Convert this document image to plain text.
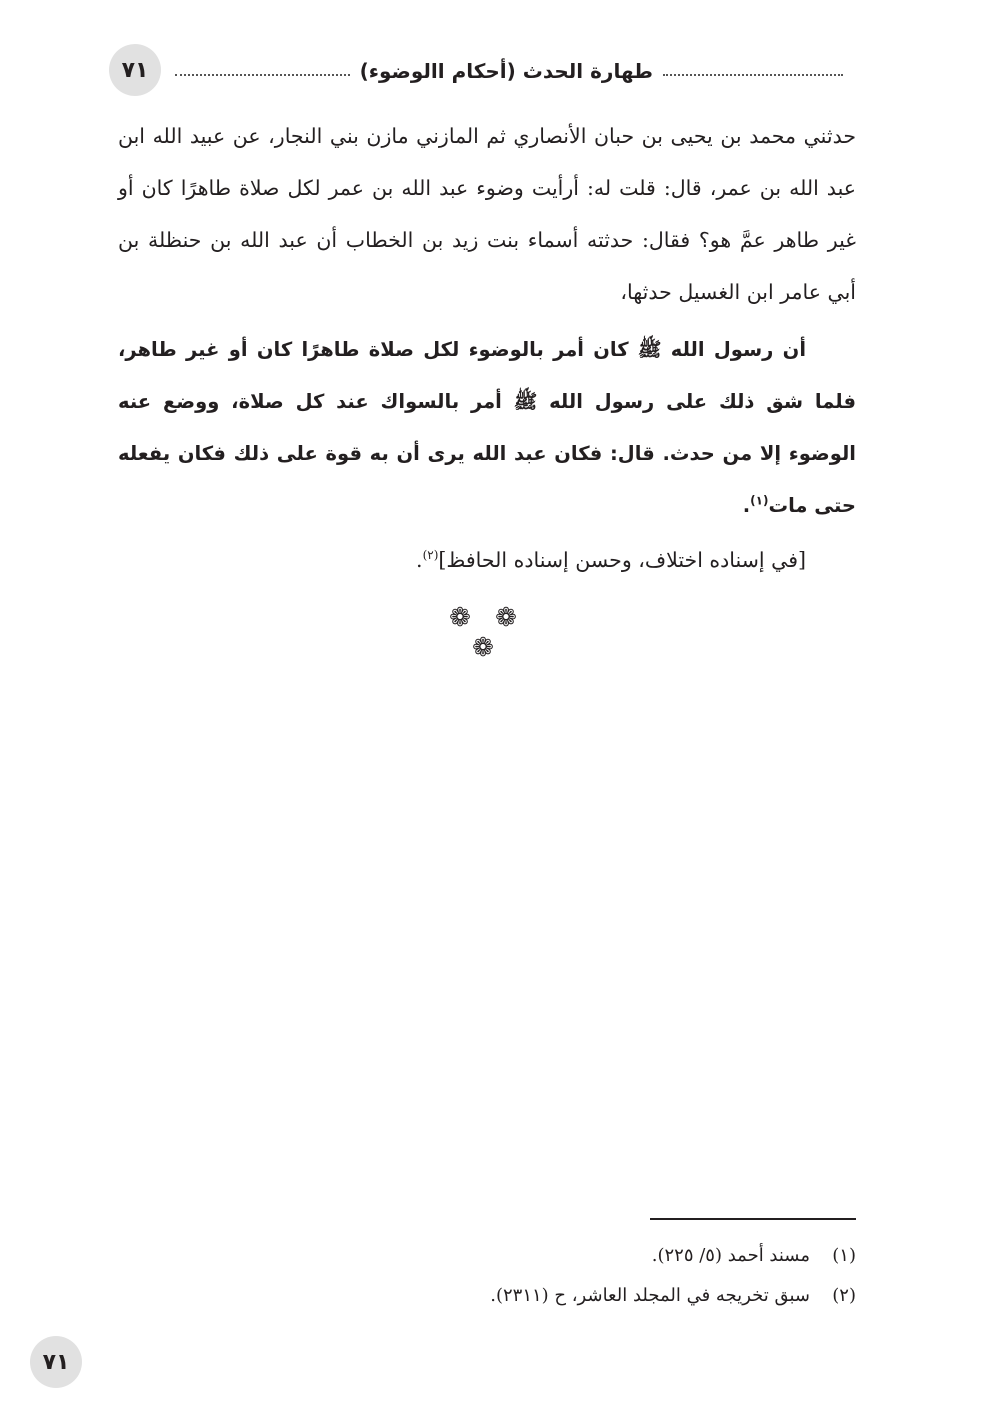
٧١	طهارة الحدث (أحكام االوضوء)

حدثني محمد بن يحيى بن حبان الأنصاري ثم المازني مازن بني النجار، عن عبيد الله ابن عبد الله بن عمر، قال: قلت له: أرأيت وضوء عبد الله بن عمر لكل صلاة طاهرًا كان أو غير طاهر عمَّ هو؟ فقال: حدثته أسماء بنت زيد بن الخطاب أن عبد الله بن حنظلة بن أبي عامر ابن الغسيل حدثها،

أن رسول الله ﷺ كان أمر بالوضوء لكل صلاة طاهرًا كان أو غير طاهر، فلما شق ذلك على رسول الله ﷺ أمر بالسواك عند كل صلاة، ووضع عنه الوضوء إلا من حدث. قال: فكان عبد الله يرى أن به قوة على ذلك فكان يفعله حتى مات$^{(١)}$.

[في إسناده اختلاف، وحسن إسناده الحافظ]$^{(٢)}$.

❁ ❁ ❁
(١)
مسند أحمد (٥/ ٢٢٥).
(٢)
سبق تخريجه في المجلد العاشر، ح (٢٣١١).
٧١
